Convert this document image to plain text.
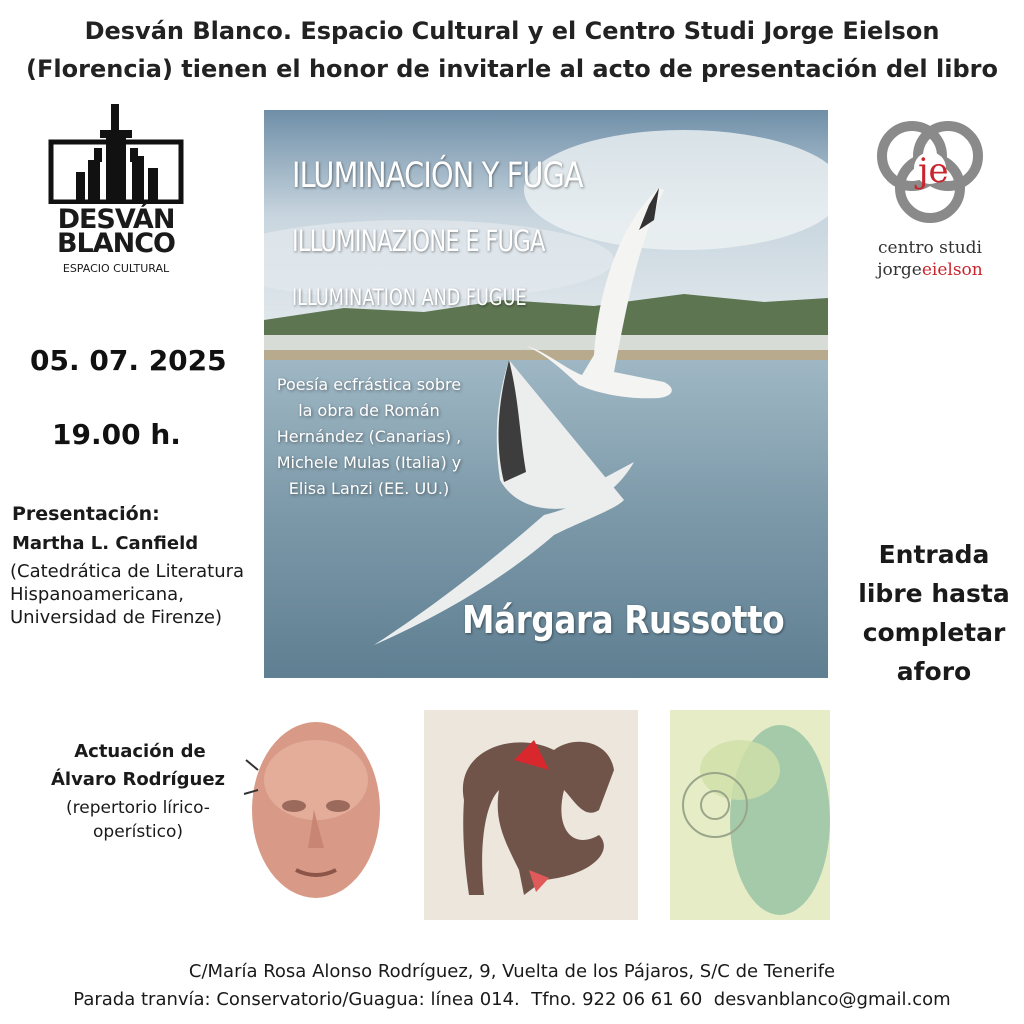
Desván Blanco. Espacio Cultural y el Centro Studi Jorge Eielson
(Florencia) tienen el honor de invitarle al acto de presentación del libro
DESVÁN
BLANCO
ESPACIO CULTURAL
je
centro studi
jorgeeielson
05. 07. 2025
19.00 h.
Presentación:
Martha L. Canfield
(Catedrática de Literatura Hispanoamericana, Universidad de Firenze)
Actuación de
Álvaro Rodríguez
(repertorio lírico-operístico)
Entrada libre hasta completar aforo
ILUMINACIÓN Y FUGA
ILLUMINAZIONE E FUGA
ILLUMINATION AND FUGUE
Poesía ecfrástica sobre la obra de Román Hernández (Canarias) , Michele Mulas (Italia) y Elisa Lanzi (EE. UU.)
Márgara Russotto
C/María Rosa Alonso Rodríguez, 9, Vuelta de los Pájaros, S/C de Tenerife
Parada tranvía: Conservatorio/Guagua: línea 014.  Tfno. 922 06 61 60  desvanblanco@gmail.com
